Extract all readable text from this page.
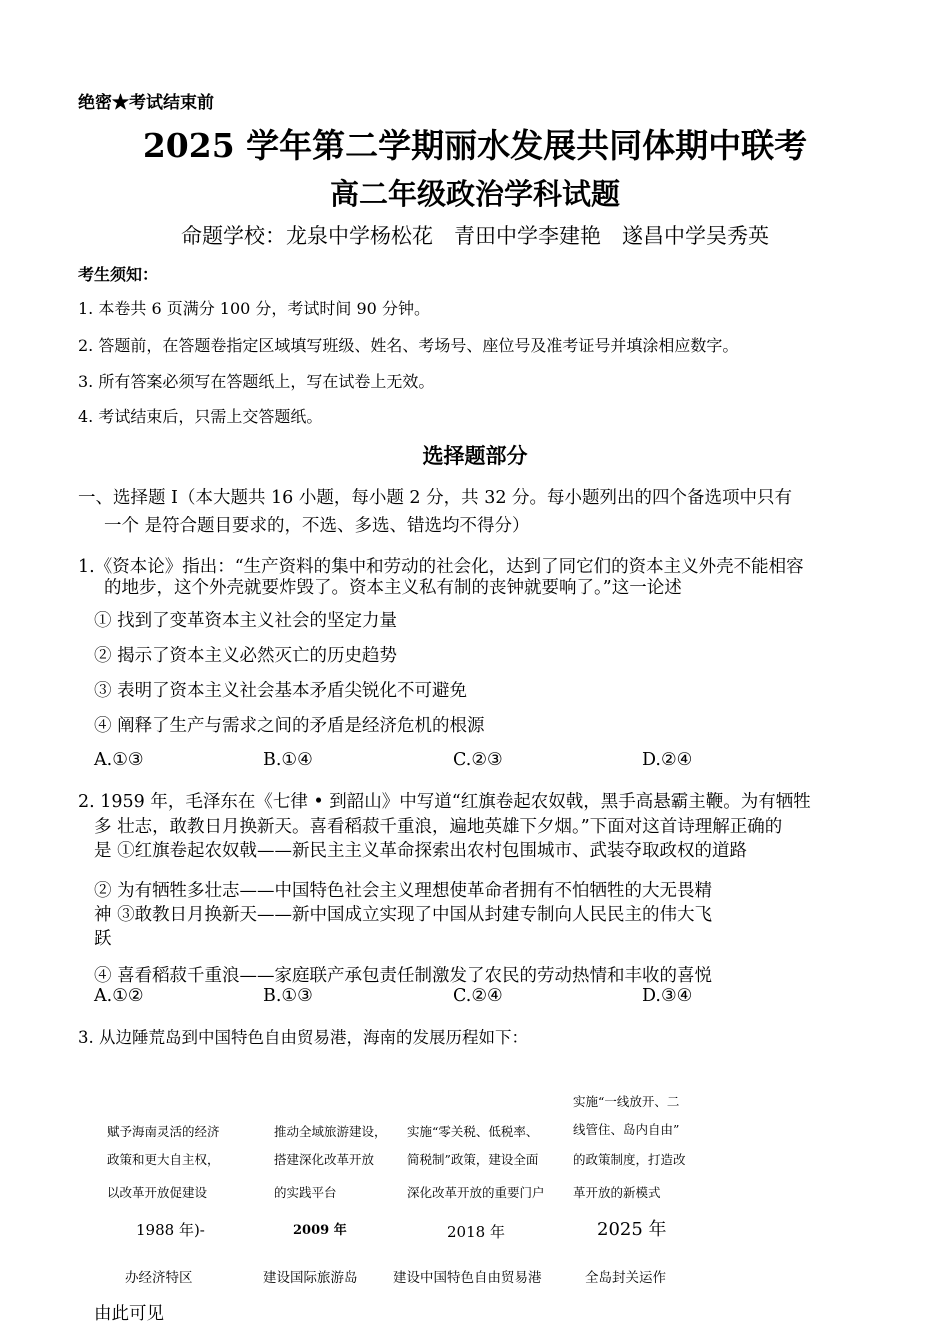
绝密★考试结束前
2025 学年第二学期丽水发展共同体期中联考
高二年级政治学科试题
命题学校：龙泉中学杨松花　青田中学李建艳　遂昌中学吴秀英
考生须知：
1. 本卷共 6 页满分 100 分，考试时间 90 分钟。
2. 答题前，在答题卷指定区域填写班级、姓名、考场号、座位号及准考证号并填涂相应数字。
3. 所有答案必须写在答题纸上，写在试卷上无效。
4. 考试结束后，只需上交答题纸。
选择题部分
一、选择题 I（本大题共 16 小题，每小题 2 分，共 32 分。每小题列出的四个备选项中只有
一个 是符合题目要求的，不选、多选、错选均不得分）
1.《资本论》指出：“生产资料的集中和劳动的社会化，达到了同它们的资本主义外壳不能相容
的地步，这个外壳就要炸毁了。资本主义私有制的丧钟就要响了。”这一论述
① 找到了变革资本主义社会的坚定力量
② 揭示了资本主义必然灭亡的历史趋势
③ 表明了资本主义社会基本矛盾尖锐化不可避免
④ 阐释了生产与需求之间的矛盾是经济危机的根源
A.①③	B.①④	C.②③	D.②④
2. 1959 年，毛泽东在《七律 • 到韶山》中写道“红旗卷起农奴戟，黑手高悬霸主鞭。为有牺牲
多 壮志，敢教日月换新天。喜看稻菽千重浪，遍地英雄下夕烟。”下面对这首诗理解正确的
是 ①红旗卷起农奴戟——新民主主义革命探索出农村包围城市、武装夺取政权的道路
② 为有牺牲多壮志——中国特色社会主义理想使革命者拥有不怕牺牲的大无畏精
神 ③敢教日月换新天——新中国成立实现了中国从封建专制向人民民主的伟大飞
跃
④ 喜看稻菽千重浪——家庭联产承包责任制激发了农民的劳动热情和丰收的喜悦
A.①②	B.①③	C.②④	D.③④
3. 从边陲荒岛到中国特色自由贸易港，海南的发展历程如下：
赋予海南灵活的经济
政策和更大自主权，
以改革开放促建设
推动全域旅游建设，
搭建深化改革开放
的实践平台
实施“零关税、低税率、
简税制”政策，建设全面
深化改革开放的重要门户
实施“一线放开、二
线管住、岛内自由”
的政策制度，打造改
革开放的新模式
1988 年)-	2009 年	2018 年	2025 年
办经济特区	建设国际旅游岛	建设中国特色自由贸易港	全岛封关运作
由此可见
